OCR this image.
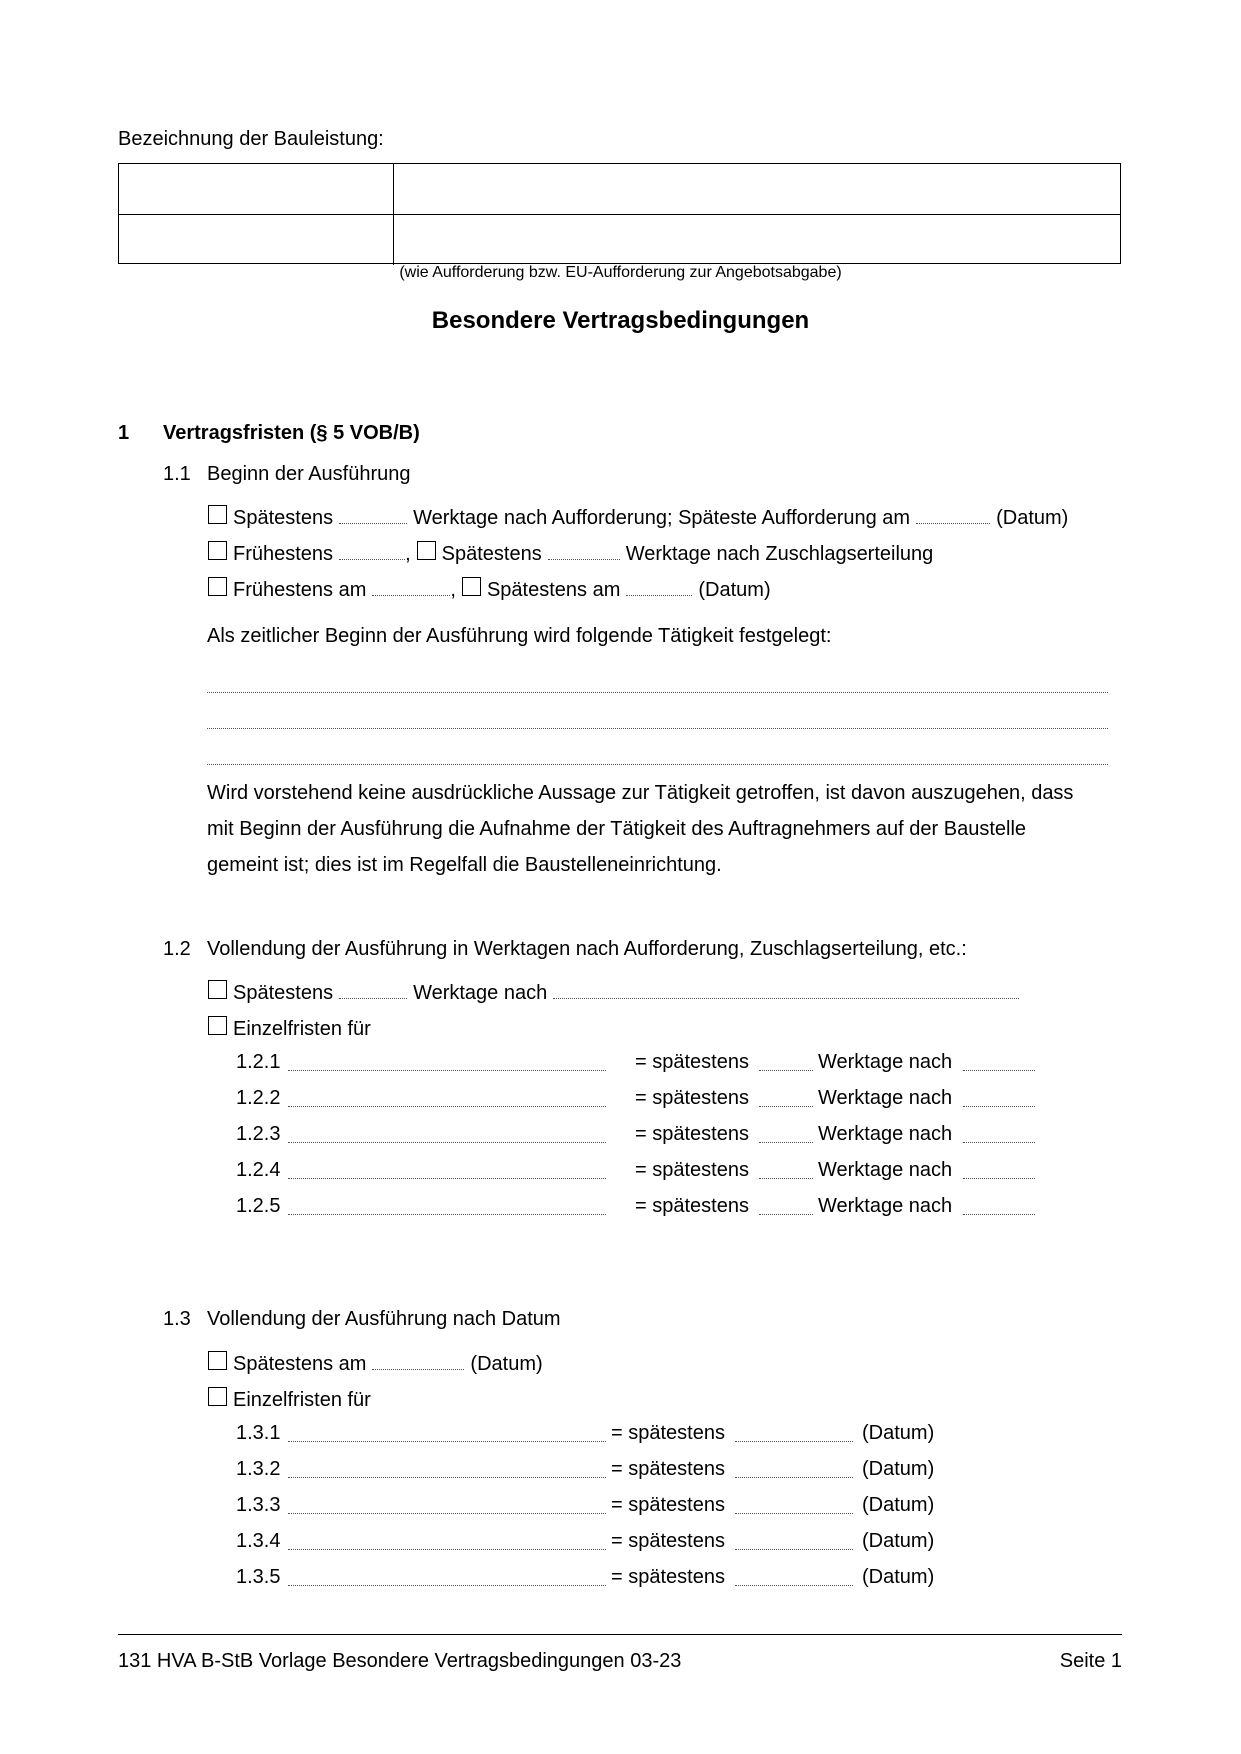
Bezeichnung der Bauleistung:
(wie Aufforderung bzw. EU-Aufforderung zur Angebotsabgabe)
Besondere Vertragsbedingungen
1 Vertragsfristen (§ 5 VOB/B)
1.1 Beginn der Ausführung
Spätestens	Werktage nach Aufforderung; Späteste Aufforderung am	(Datum)
Frühestens	, Spätestens	Werktage nach Zuschlagserteilung
Frühestens am	, Spätestens am	(Datum)
Als zeitlicher Beginn der Ausführung wird folgende Tätigkeit festgelegt:
Wird vorstehend keine ausdrückliche Aussage zur Tätigkeit getroffen, ist davon auszugehen, dass
mit Beginn der Ausführung die Aufnahme der Tätigkeit des Auftragnehmers auf der Baustelle
gemeint ist; dies ist im Regelfall die Baustelleneinrichtung.
1.2 Vollendung der Ausführung in Werktagen nach Aufforderung, Zuschlagserteilung, etc.:
Spätestens	Werktage nach
Einzelfristen für
1.2.1	= spätestens	Werktage nach
1.2.2	= spätestens	Werktage nach
1.2.3	= spätestens	Werktage nach
1.2.4	= spätestens	Werktage nach
1.2.5	= spätestens	Werktage nach
1.3 Vollendung der Ausführung nach Datum
Spätestens am	(Datum)
Einzelfristen für
1.3.1	= spätestens	(Datum)
1.3.2	= spätestens	(Datum)
1.3.3	= spätestens	(Datum)
1.3.4	= spätestens	(Datum)
1.3.5	= spätestens	(Datum)
131 HVA B-StB Vorlage Besondere Vertragsbedingungen 03-23	Seite 1
